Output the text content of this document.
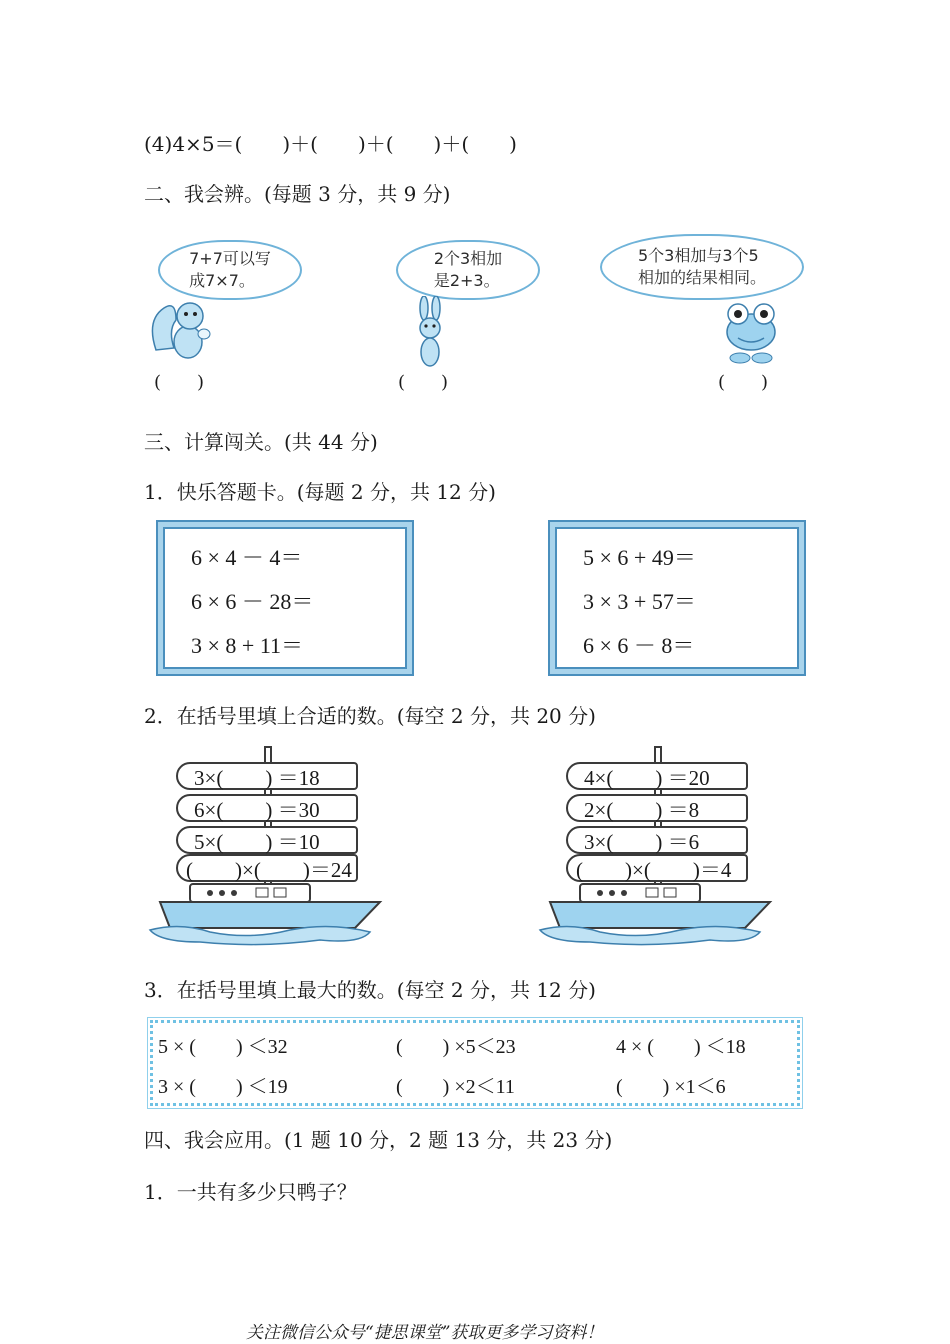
(4)4×5＝(　　)＋(　　)＋(　　)＋(　　)
二、我会辨。(每题 3 分，共 9 分)
7+7可以写
成7×7。
(　　)
2个3相加
是2+3。
(　　)
5个3相加与3个5
相加的结果相同。
(　　)
三、计算闯关。(共 44 分)
1．快乐答题卡。(每题 2 分，共 12 分)
6 × 4 － 4＝
6 × 6 － 28＝
3 × 8 + 11＝
5 × 6 + 49＝
3 × 3 + 57＝
6 × 6 － 8＝
2．在括号里填上合适的数。(每空 2 分，共 20 分)
3×(　　) ＝18
6×(　　) ＝30
5×(　　) ＝10
(　　)×(　　)＝24
4×(　　) ＝20
2×(　　) ＝8
3×(　　) ＝6
(　　)×(　　)＝4
3．在括号里填上最大的数。(每空 2 分，共 12 分)
5 × (　　) ＜32	(　　) ×5＜23	4 × (　　) ＜18
3 × (　　) ＜19	(　　) ×2＜11	(　　) ×1＜6
四、我会应用。(1 题 10 分，2 题 13 分，共 23 分)
1．一共有多少只鸭子？
关注微信公众号“捷思课堂”获取更多学习资料！
